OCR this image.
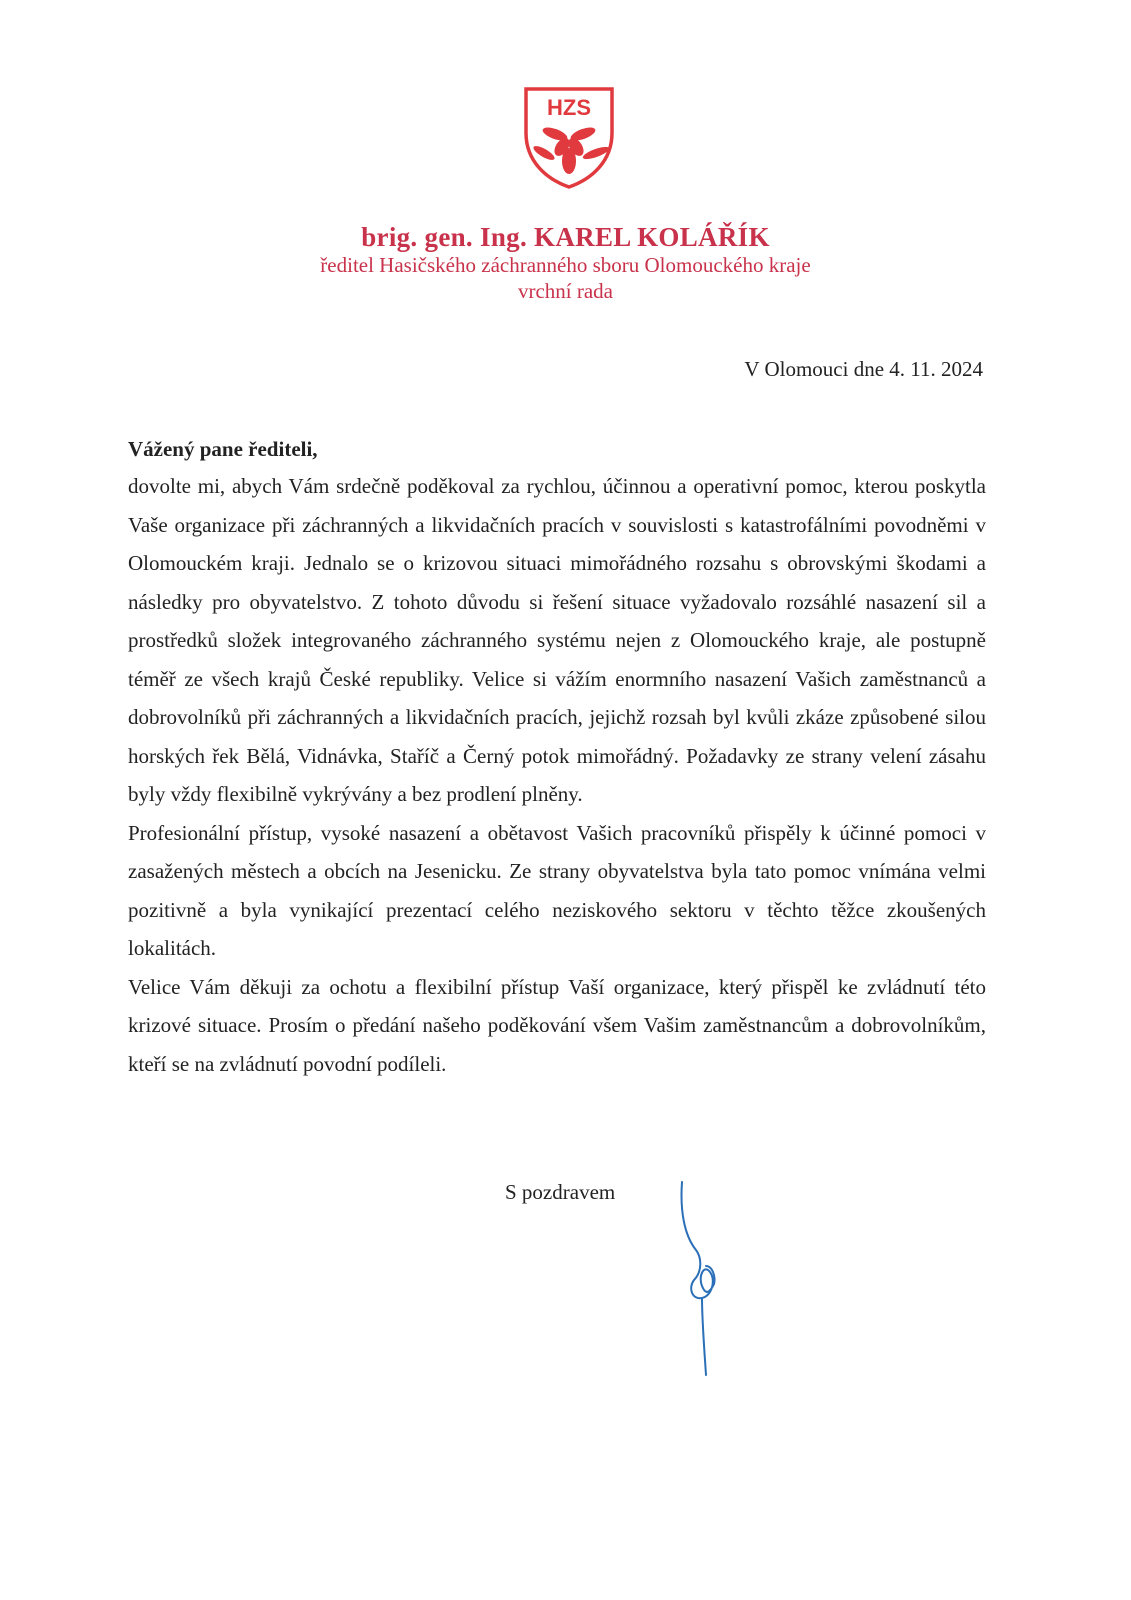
HZS
brig. gen. Ing. KAREL KOLÁŘÍK
ředitel Hasičského záchranného sboru Olomouckého kraje
vrchní rada
V Olomouci dne 4. 11. 2024
Vážený pane řediteli,

dovolte mi, abych Vám srdečně poděkoval za rychlou, účinnou a operativní pomoc, kterou poskytla Vaše organizace při záchranných a likvidačních pracích v souvislosti s katastrofálními povodněmi v Olomouckém kraji. Jednalo se o krizovou situaci mimořádného rozsahu s obrovskými škodami a následky pro obyvatelstvo. Z tohoto důvodu si řešení situace vyžadovalo rozsáhlé nasazení sil a prostředků složek integrovaného záchranného systému nejen z Olomouckého kraje, ale postupně téměř ze všech krajů České republiky. Velice si vážím enormního nasazení Vašich zaměstnanců a dobrovolníků při záchranných a likvidačních pracích, jejichž rozsah byl kvůli zkáze způsobené silou horských řek Bělá, Vidnávka, Staříč a Černý potok mimořádný. Požadavky ze strany velení zásahu byly vždy flexibilně vykrývány a bez prodlení plněny.

Profesionální přístup, vysoké nasazení a obětavost Vašich pracovníků přispěly k účinné pomoci v zasažených městech a obcích na Jesenicku. Ze strany obyvatelstva byla tato pomoc vnímána velmi pozitivně a byla vynikající prezentací celého neziskového sektoru v těchto těžce zkoušených lokalitách.

Velice Vám děkuji za ochotu a flexibilní přístup Vaší organizace, který přispěl ke zvládnutí této krizové situace. Prosím o předání našeho poděkování všem Vašim zaměstnancům a dobrovolníkům, kteří se na zvládnutí povodní podíleli.

S pozdravem
